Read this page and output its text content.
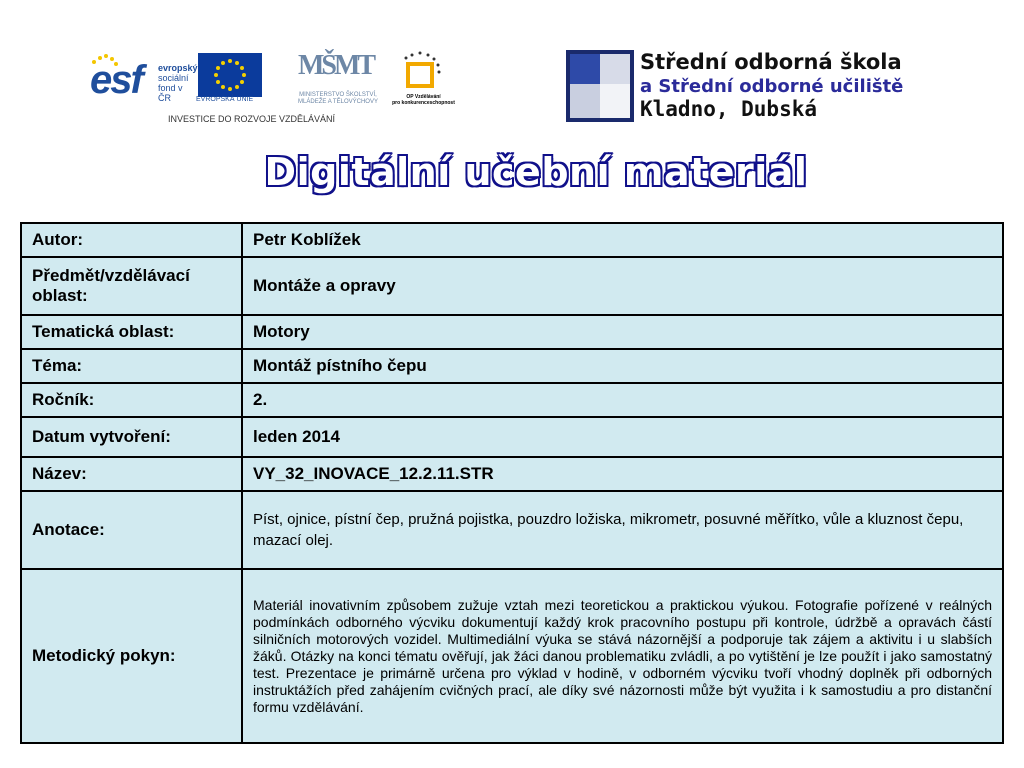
esf evropský
sociální
fond v ČR	EVROPSKÁ UNIE
MŠMT
MINISTERSTVO ŠKOLSTVÍ,
MLÁDEŽE A TĚLOVÝCHOVY
OP Vzdělávání
pro konkurenceschopnost
INVESTICE DO ROZVOJE VZDĚLÁVÁNÍ
Střední odborná škola
a Střední odborné učiliště
Kladno, Dubská
Digitální učební materiál
Autor:	Petr Koblížek
Předmět/vzdělávací oblast:	Montáže a opravy
Tematická oblast:	Motory
Téma:	Montáž pístního čepu
Ročník:	2.
Datum vytvoření:	leden 2014
Název:	VY_32_INOVACE_12.2.11.STR
Anotace:	Píst, ojnice, pístní čep, pružná pojistka, pouzdro ložiska, mikrometr, posuvné měřítko, vůle a kluznost čepu, mazací olej.
Metodický pokyn:	Materiál inovativním způsobem zužuje vztah mezi teoretickou a praktickou výukou. Fotografie pořízené v reálných podmínkách odborného výcviku dokumentují každý krok pracovního postupu při kontrole, údržbě a opravách částí silničních motorových vozidel. Multimediální výuka se stává názornější a podporuje tak zájem a aktivitu i u slabších žáků. Otázky na konci tématu ověřují, jak žáci danou problematiku zvládli, a po vytištění je lze použít i jako samostatný test. Prezentace je primárně určena pro výklad v hodině, v odborném výcviku tvoří vhodný doplněk při odborných instruktážích před zahájením cvičných prací, ale díky své názornosti může být využita i k samostudiu a pro distanční formu vzdělávání.
